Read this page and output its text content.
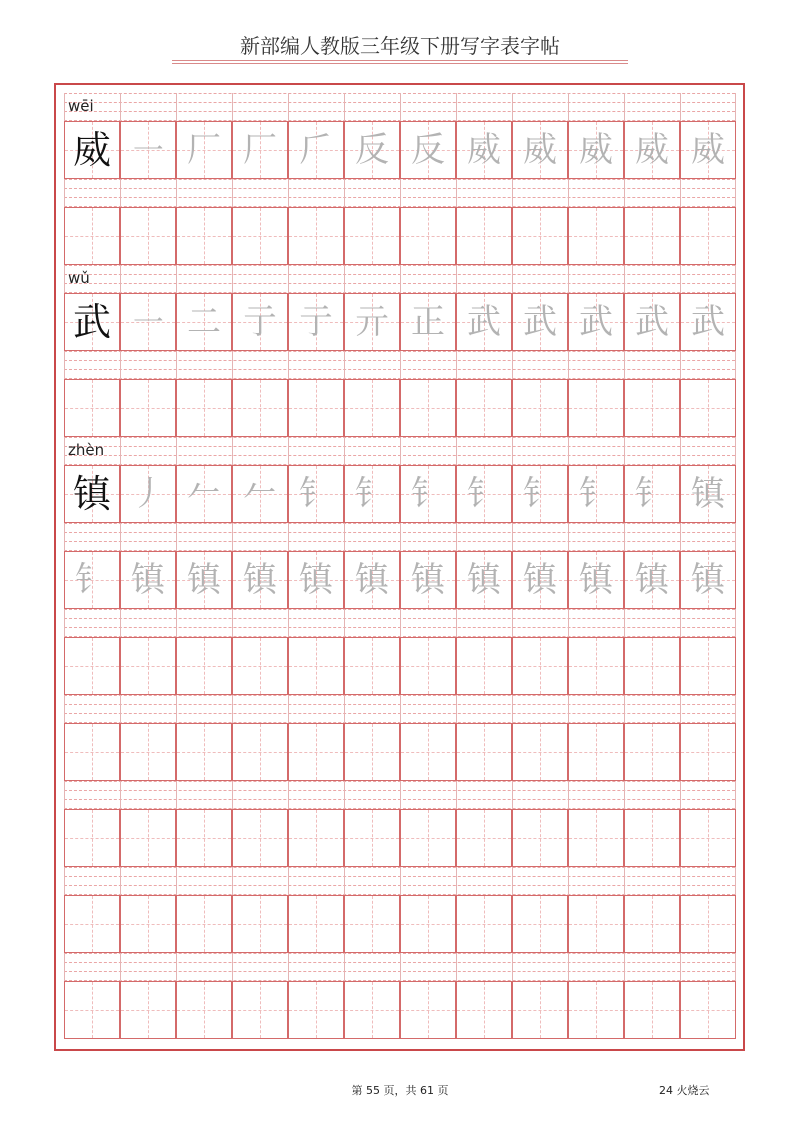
新部编人教版三年级下册写字表字帖
wēi
威 ㇐ 厂 厂 𠂆 反 反 威 威 威 威 威
wǔ
武 ㇐ 二 亍 亍 亓 正 武 武 武 武 武
zhèn
镇 丿 𠂉 𠂉 钅 钅 钅 钅 钅 钅 钅 镇
钅 镇 镇 镇 镇 镇 镇 镇 镇 镇 镇 镇
第 55 页，共 61 页	24 火烧云
